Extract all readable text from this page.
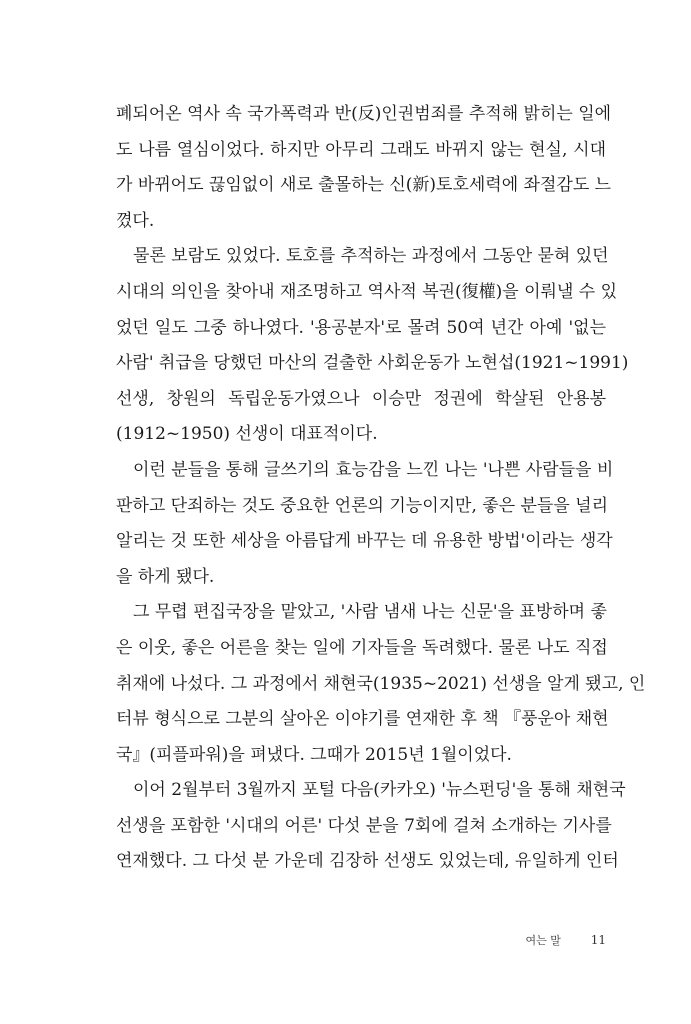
폐되어온 역사 속 국가폭력과 반(反)인권범죄를 추적해 밝히는 일에
도 나름 열심이었다. 하지만 아무리 그래도 바뀌지 않는 현실, 시대
가 바뀌어도 끊임없이 새로 출몰하는 신(新)토호세력에 좌절감도 느
꼈다.
물론 보람도 있었다. 토호를 추적하는 과정에서 그동안 묻혀 있던
시대의 의인을 찾아내 재조명하고 역사적 복권(復權)을 이뤄낼 수 있
었던 일도 그중 하나였다. '용공분자'로 몰려 50여 년간 아예 '없는
사람' 취급을 당했던 마산의 걸출한 사회운동가 노현섭(1921~1991)
선생, 창원의 독립운동가였으나 이승만 정권에 학살된 안용봉
(1912~1950) 선생이 대표적이다.
이런 분들을 통해 글쓰기의 효능감을 느낀 나는 '나쁜 사람들을 비
판하고 단죄하는 것도 중요한 언론의 기능이지만, 좋은 분들을 널리
알리는 것 또한 세상을 아름답게 바꾸는 데 유용한 방법'이라는 생각
을 하게 됐다.
그 무렵 편집국장을 맡았고, '사람 냄새 나는 신문'을 표방하며 좋
은 이웃, 좋은 어른을 찾는 일에 기자들을 독려했다. 물론 나도 직접
취재에 나섰다. 그 과정에서 채현국(1935~2021) 선생을 알게 됐고, 인
터뷰 형식으로 그분의 살아온 이야기를 연재한 후 책 『풍운아 채현
국』(피플파워)을 펴냈다. 그때가 2015년 1월이었다.
이어 2월부터 3월까지 포털 다음(카카오) '뉴스펀딩'을 통해 채현국
선생을 포함한 '시대의 어른' 다섯 분을 7회에 걸쳐 소개하는 기사를
연재했다. 그 다섯 분 가운데 김장하 선생도 있었는데, 유일하게 인터
여는 말 11
